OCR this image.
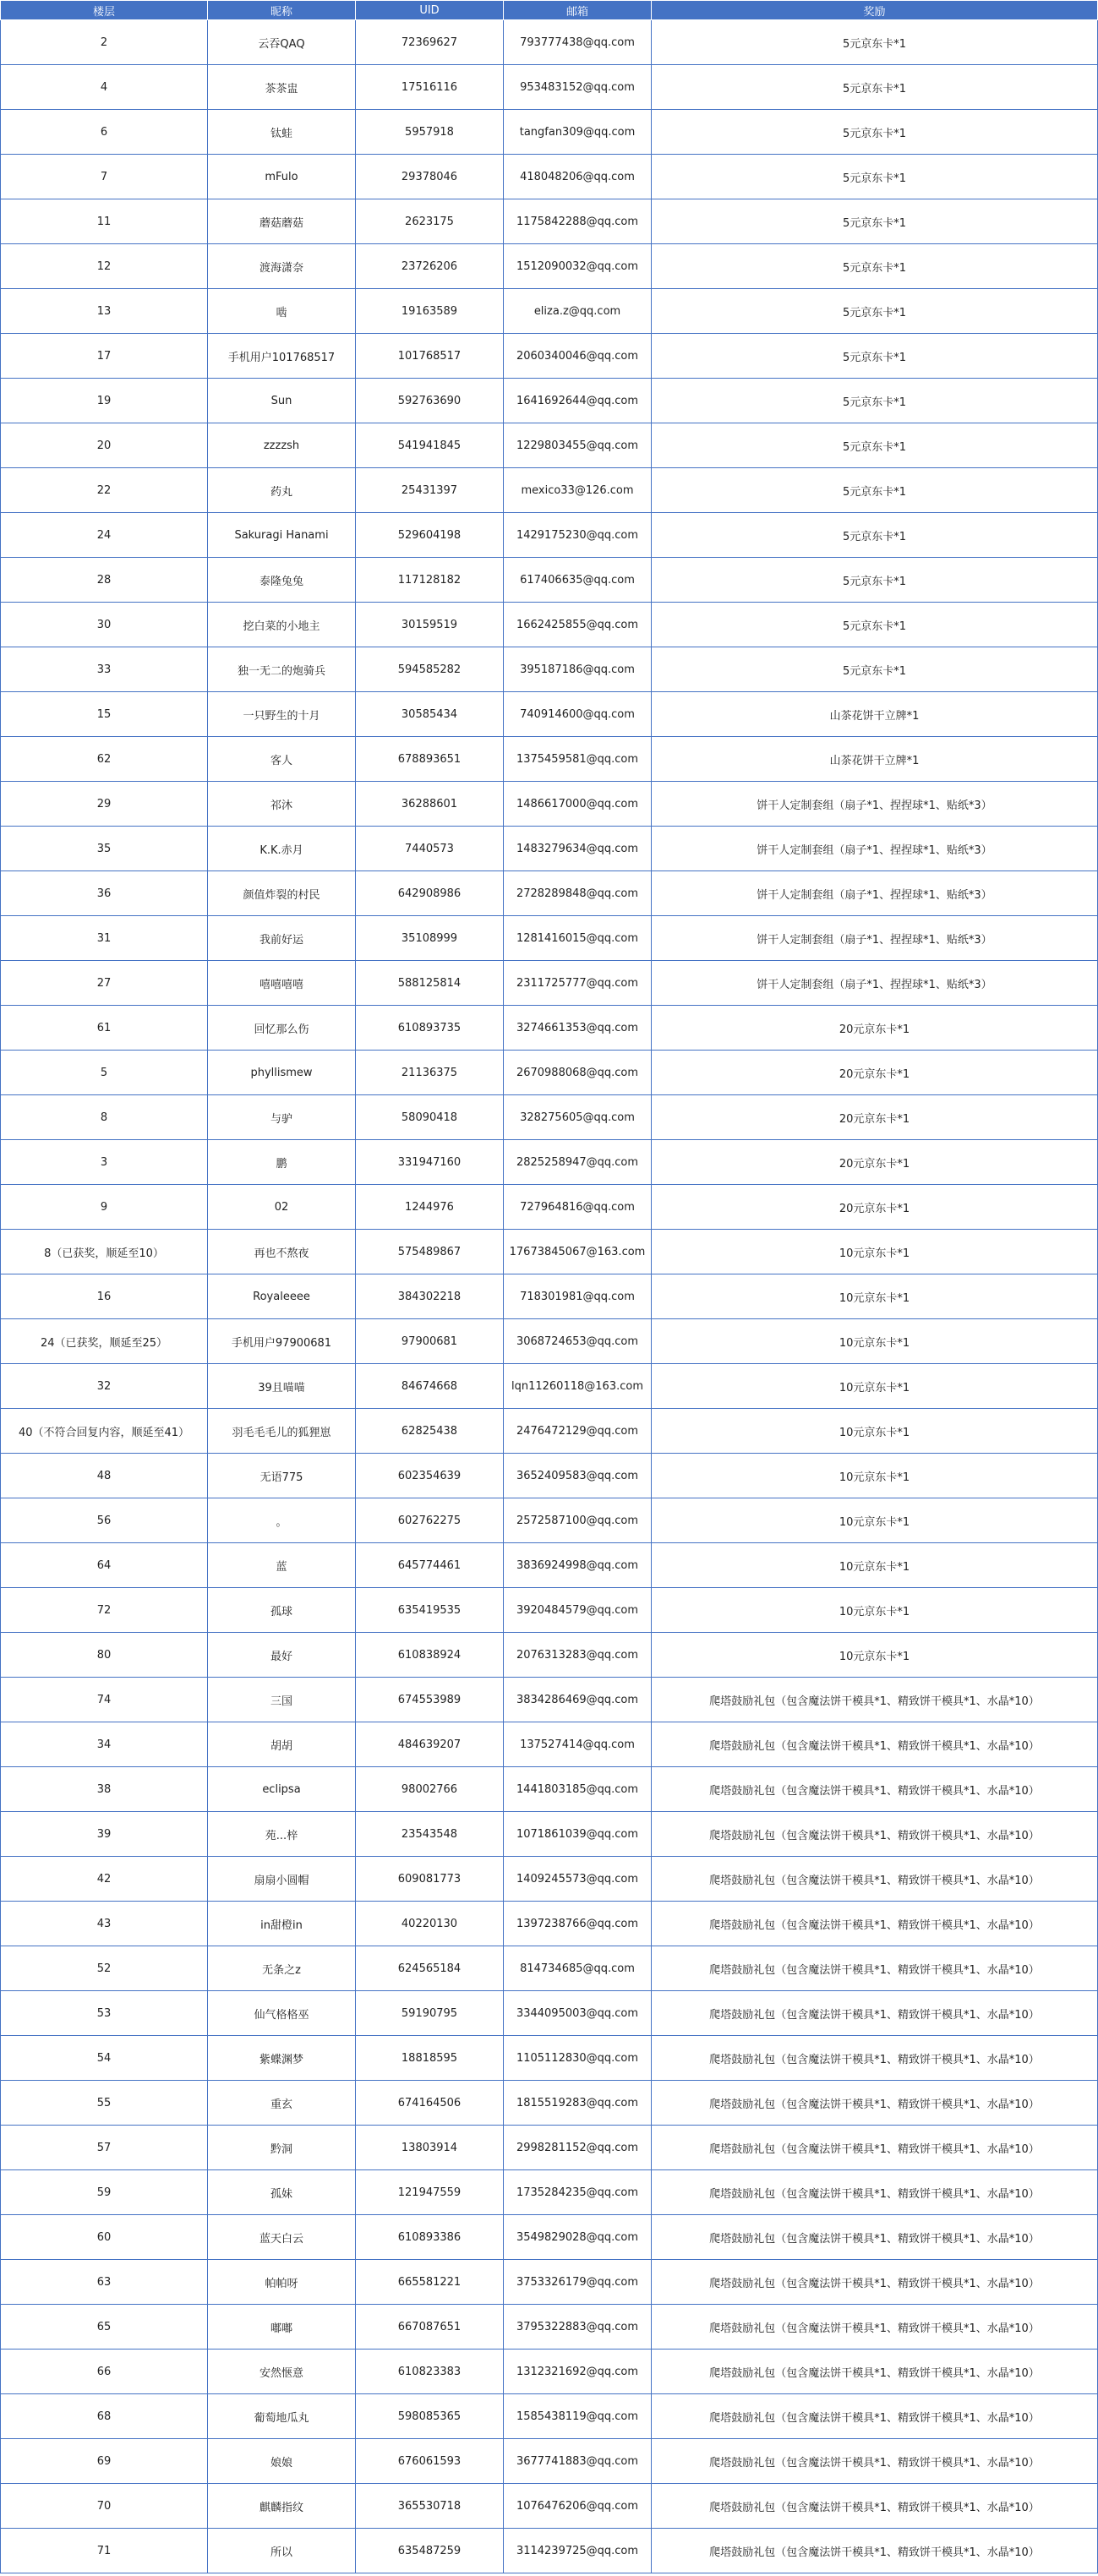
楼层	昵称	UID	邮箱	奖励
2	云吞QAQ	72369627	793777438@qq.com	5元京东卡*1
4	茶茶盅	17516116	953483152@qq.com	5元京东卡*1
6	钛蛙	5957918	tangfan309@qq.com	5元京东卡*1
7	mFulo	29378046	418048206@qq.com	5元京东卡*1
11	蘑菇蘑菇	2623175	1175842288@qq.com	5元京东卡*1
12	渡海潇奈	23726206	1512090032@qq.com	5元京东卡*1
13	啮	19163589	eliza.z@qq.com	5元京东卡*1
17	手机用户101768517	101768517	2060340046@qq.com	5元京东卡*1
19	Sun	592763690	1641692644@qq.com	5元京东卡*1
20	zzzzsh	541941845	1229803455@qq.com	5元京东卡*1
22	药丸	25431397	mexico33@126.com	5元京东卡*1
24	Sakuragi Hanami	529604198	1429175230@qq.com	5元京东卡*1
28	泰隆兔兔	117128182	617406635@qq.com	5元京东卡*1
30	挖白菜的小地主	30159519	1662425855@qq.com	5元京东卡*1
33	独一无二的炮骑兵	594585282	395187186@qq.com	5元京东卡*1
15	一只野生的十月	30585434	740914600@qq.com	山茶花饼干立牌*1
62	客人	678893651	1375459581@qq.com	山茶花饼干立牌*1
29	祁沐	36288601	1486617000@qq.com	饼干人定制套组（扇子*1、捏捏球*1、贴纸*3）
35	K.K.赤月	7440573	1483279634@qq.com	饼干人定制套组（扇子*1、捏捏球*1、贴纸*3）
36	颜值炸裂的村民	642908986	2728289848@qq.com	饼干人定制套组（扇子*1、捏捏球*1、贴纸*3）
31	我前好运	35108999	1281416015@qq.com	饼干人定制套组（扇子*1、捏捏球*1、贴纸*3）
27	嘻嘻嘻嘻	588125814	2311725777@qq.com	饼干人定制套组（扇子*1、捏捏球*1、贴纸*3）
61	回忆那么伤	610893735	3274661353@qq.com	20元京东卡*1
5	phyllismew	21136375	2670988068@qq.com	20元京东卡*1
8	与驴	58090418	328275605@qq.com	20元京东卡*1
3	鹏	331947160	2825258947@qq.com	20元京东卡*1
9	02	1244976	727964816@qq.com	20元京东卡*1
8（已获奖，顺延至10）	再也不熬夜	575489867	17673845067@163.com	10元京东卡*1
16	Royaleeee	384302218	718301981@qq.com	10元京东卡*1
24（已获奖，顺延至25）	手机用户97900681	97900681	3068724653@qq.com	10元京东卡*1
32	39且喵喵	84674668	lqn11260118@163.com	10元京东卡*1
40（不符合回复内容，顺延至41）	羽毛毛毛儿的狐狸崽	62825438	2476472129@qq.com	10元京东卡*1
48	无语775	602354639	3652409583@qq.com	10元京东卡*1
56	。	602762275	2572587100@qq.com	10元京东卡*1
64	蓝	645774461	3836924998@qq.com	10元京东卡*1
72	孤球	635419535	3920484579@qq.com	10元京东卡*1
80	最好	610838924	2076313283@qq.com	10元京东卡*1
74	三国	674553989	3834286469@qq.com	爬塔鼓励礼包（包含魔法饼干模具*1、精致饼干模具*1、水晶*10）
34	胡胡	484639207	137527414@qq.com	爬塔鼓励礼包（包含魔法饼干模具*1、精致饼干模具*1、水晶*10）
38	eclipsa	98002766	1441803185@qq.com	爬塔鼓励礼包（包含魔法饼干模具*1、精致饼干模具*1、水晶*10）
39	苑...梓	23543548	1071861039@qq.com	爬塔鼓励礼包（包含魔法饼干模具*1、精致饼干模具*1、水晶*10）
42	扇扇小圆帽	609081773	1409245573@qq.com	爬塔鼓励礼包（包含魔法饼干模具*1、精致饼干模具*1、水晶*10）
43	in甜橙in	40220130	1397238766@qq.com	爬塔鼓励礼包（包含魔法饼干模具*1、精致饼干模具*1、水晶*10）
52	无条之z	624565184	814734685@qq.com	爬塔鼓励礼包（包含魔法饼干模具*1、精致饼干模具*1、水晶*10）
53	仙气格格巫	59190795	3344095003@qq.com	爬塔鼓励礼包（包含魔法饼干模具*1、精致饼干模具*1、水晶*10）
54	紫蝶渊梦	18818595	1105112830@qq.com	爬塔鼓励礼包（包含魔法饼干模具*1、精致饼干模具*1、水晶*10）
55	重玄	674164506	1815519283@qq.com	爬塔鼓励礼包（包含魔法饼干模具*1、精致饼干模具*1、水晶*10）
57	黔洞	13803914	2998281152@qq.com	爬塔鼓励礼包（包含魔法饼干模具*1、精致饼干模具*1、水晶*10）
59	孤妹	121947559	1735284235@qq.com	爬塔鼓励礼包（包含魔法饼干模具*1、精致饼干模具*1、水晶*10）
60	蓝天白云	610893386	3549829028@qq.com	爬塔鼓励礼包（包含魔法饼干模具*1、精致饼干模具*1、水晶*10）
63	帕帕呀	665581221	3753326179@qq.com	爬塔鼓励礼包（包含魔法饼干模具*1、精致饼干模具*1、水晶*10）
65	嘟嘟	667087651	3795322883@qq.com	爬塔鼓励礼包（包含魔法饼干模具*1、精致饼干模具*1、水晶*10）
66	安然惬意	610823383	1312321692@qq.com	爬塔鼓励礼包（包含魔法饼干模具*1、精致饼干模具*1、水晶*10）
68	葡萄地瓜丸	598085365	1585438119@qq.com	爬塔鼓励礼包（包含魔法饼干模具*1、精致饼干模具*1、水晶*10）
69	娘娘	676061593	3677741883@qq.com	爬塔鼓励礼包（包含魔法饼干模具*1、精致饼干模具*1、水晶*10）
70	麒麟指纹	365530718	1076476206@qq.com	爬塔鼓励礼包（包含魔法饼干模具*1、精致饼干模具*1、水晶*10）
71	所以	635487259	3114239725@qq.com	爬塔鼓励礼包（包含魔法饼干模具*1、精致饼干模具*1、水晶*10）
